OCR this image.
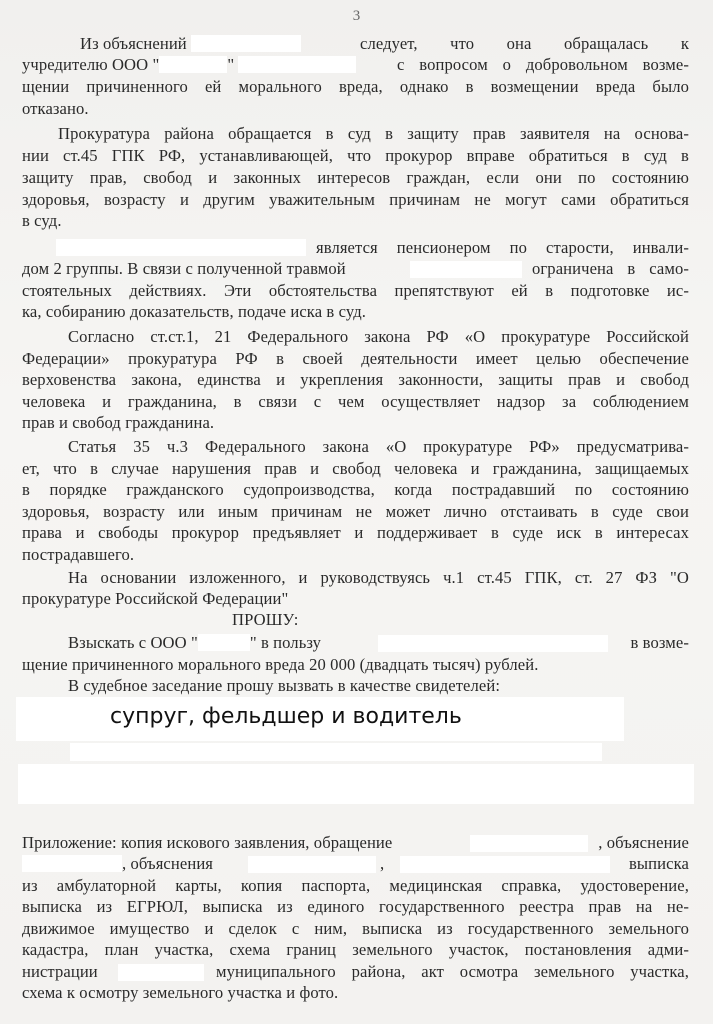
3
Из объяснений	следует, что она обращалась к
учредителю ООО "	"	с вопросом о добровольном возме-
щении причиненного ей морального вреда, однако в возмещении вреда было
отказано.
Прокуратура района обращается в суд в защиту прав заявителя на основа-
нии ст.45 ГПК РФ, устанавливающей, что прокурор вправе обратиться в суд в
защиту прав, свобод и законных интересов граждан, если они по состоянию
здоровья, возрасту и другим уважительным причинам не могут сами обратиться
в суд.
является пенсионером по старости, инвали-
дом 2 группы. В связи с полученной травмой	ограничена в само-
стоятельных действиях. Эти обстоятельства препятствуют ей в подготовке ис-
ка, собиранию доказательств, подаче иска в суд.
Согласно ст.ст.1, 21 Федерального закона РФ «О прокуратуре Российской
Федерации» прокуратура РФ в своей деятельности имеет целью обеспечение
верховенства закона, единства и укрепления законности, защиты прав и свобод
человека и гражданина, в связи с чем осуществляет надзор за соблюдением
прав и свобод гражданина.
Статья 35 ч.3 Федерального закона «О прокуратуре РФ» предусматрива-
ет, что в случае нарушения прав и свобод человека и гражданина, защищаемых
в порядке гражданского судопроизводства, когда пострадавший по состоянию
здоровья, возрасту или иным причинам не может лично отстаивать в суде свои
права и свободы прокурор предъявляет и поддерживает в суде иск в интересах
пострадавшего.
На основании изложенного, и руководствуясь ч.1 ст.45 ГПК, ст. 27 ФЗ "О
прокуратуре Российской Федерации"
ПРОШУ:
Взыскать с ООО "	" в пользу	в возме-
щение причиненного морального вреда 20 000 (двадцать тысяч) рублей.
В судебное заседание прошу вызвать в качестве свидетелей:
супруг, фельдшер и водитель
Приложение: копия искового заявления, обращение	, объяснение
, объяснения	,	выписка
из амбулаторной карты, копия паспорта, медицинская справка, удостоверение,
выписка из ЕГРЮЛ, выписка из единого государственного реестра прав на не-
движимое имущество и сделок с ним, выписка из государственного земельного
кадастра, план участка, схема границ земельного участок, постановления адми-
нистрации	муниципального района, акт осмотра земельного участка,
схема к осмотру земельного участка и фото.
